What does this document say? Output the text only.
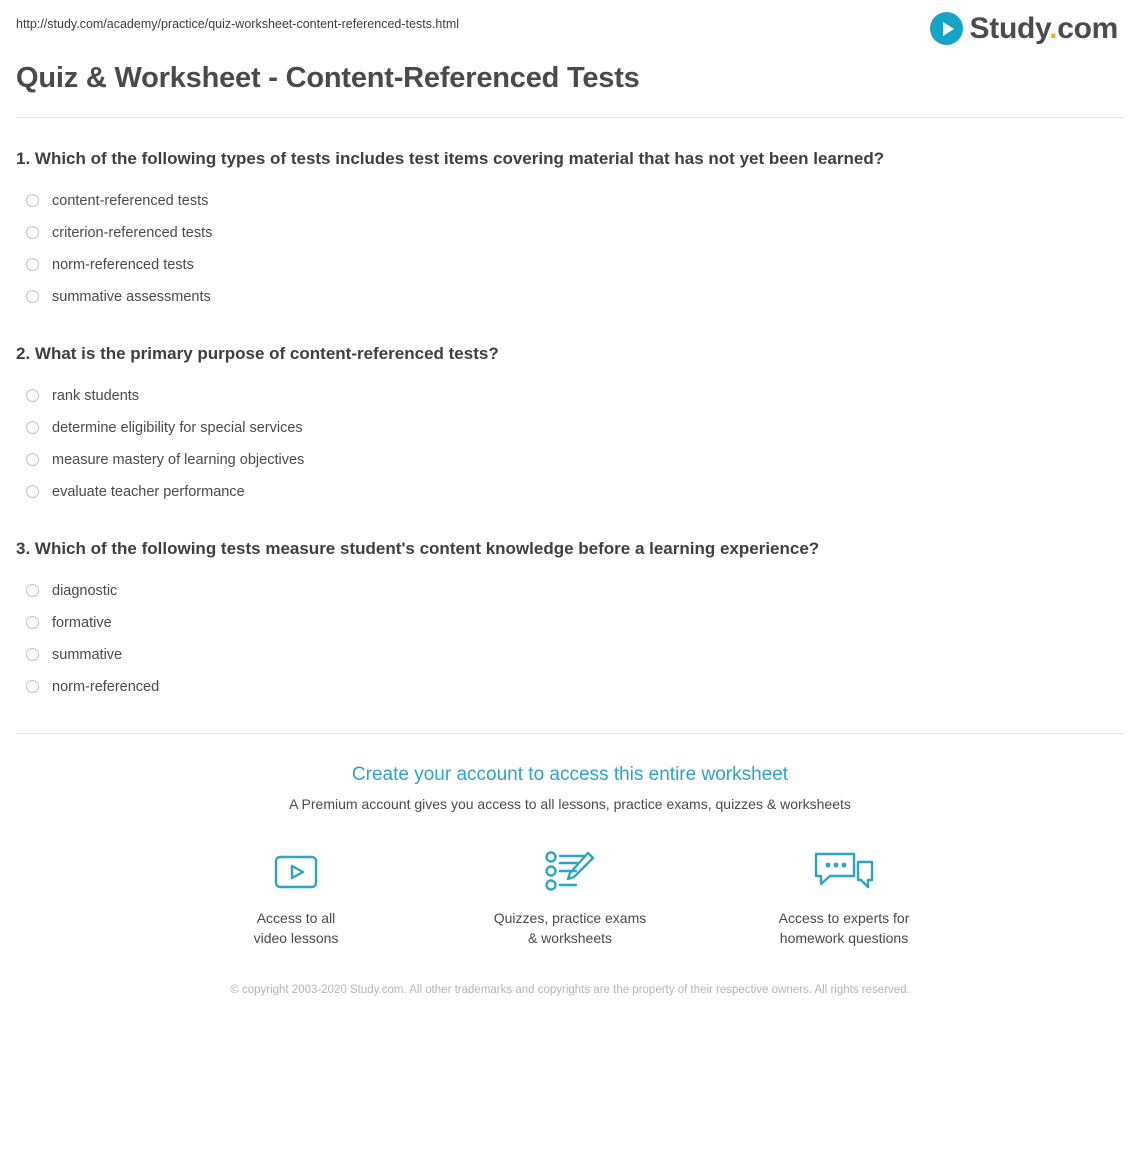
http://study.com/academy/practice/quiz-worksheet-content-referenced-tests.html	Study.com
Quiz & Worksheet - Content-Referenced Tests
1. Which of the following types of tests includes test items covering material that has not yet been learned?
content-referenced tests
criterion-referenced tests
norm-referenced tests
summative assessments
2. What is the primary purpose of content-referenced tests?
rank students
determine eligibility for special services
measure mastery of learning objectives
evaluate teacher performance
3. Which of the following tests measure student's content knowledge before a learning experience?
diagnostic
formative
summative
norm-referenced
Create your account to access this entire worksheet
A Premium account gives you access to all lessons, practice exams, quizzes & worksheets
Access to all
video lessons
Quizzes, practice exams
& worksheets
Access to experts for
homework questions
© copyright 2003-2020 Study.com. All other trademarks and copyrights are the property of their respective owners. All rights reserved.
